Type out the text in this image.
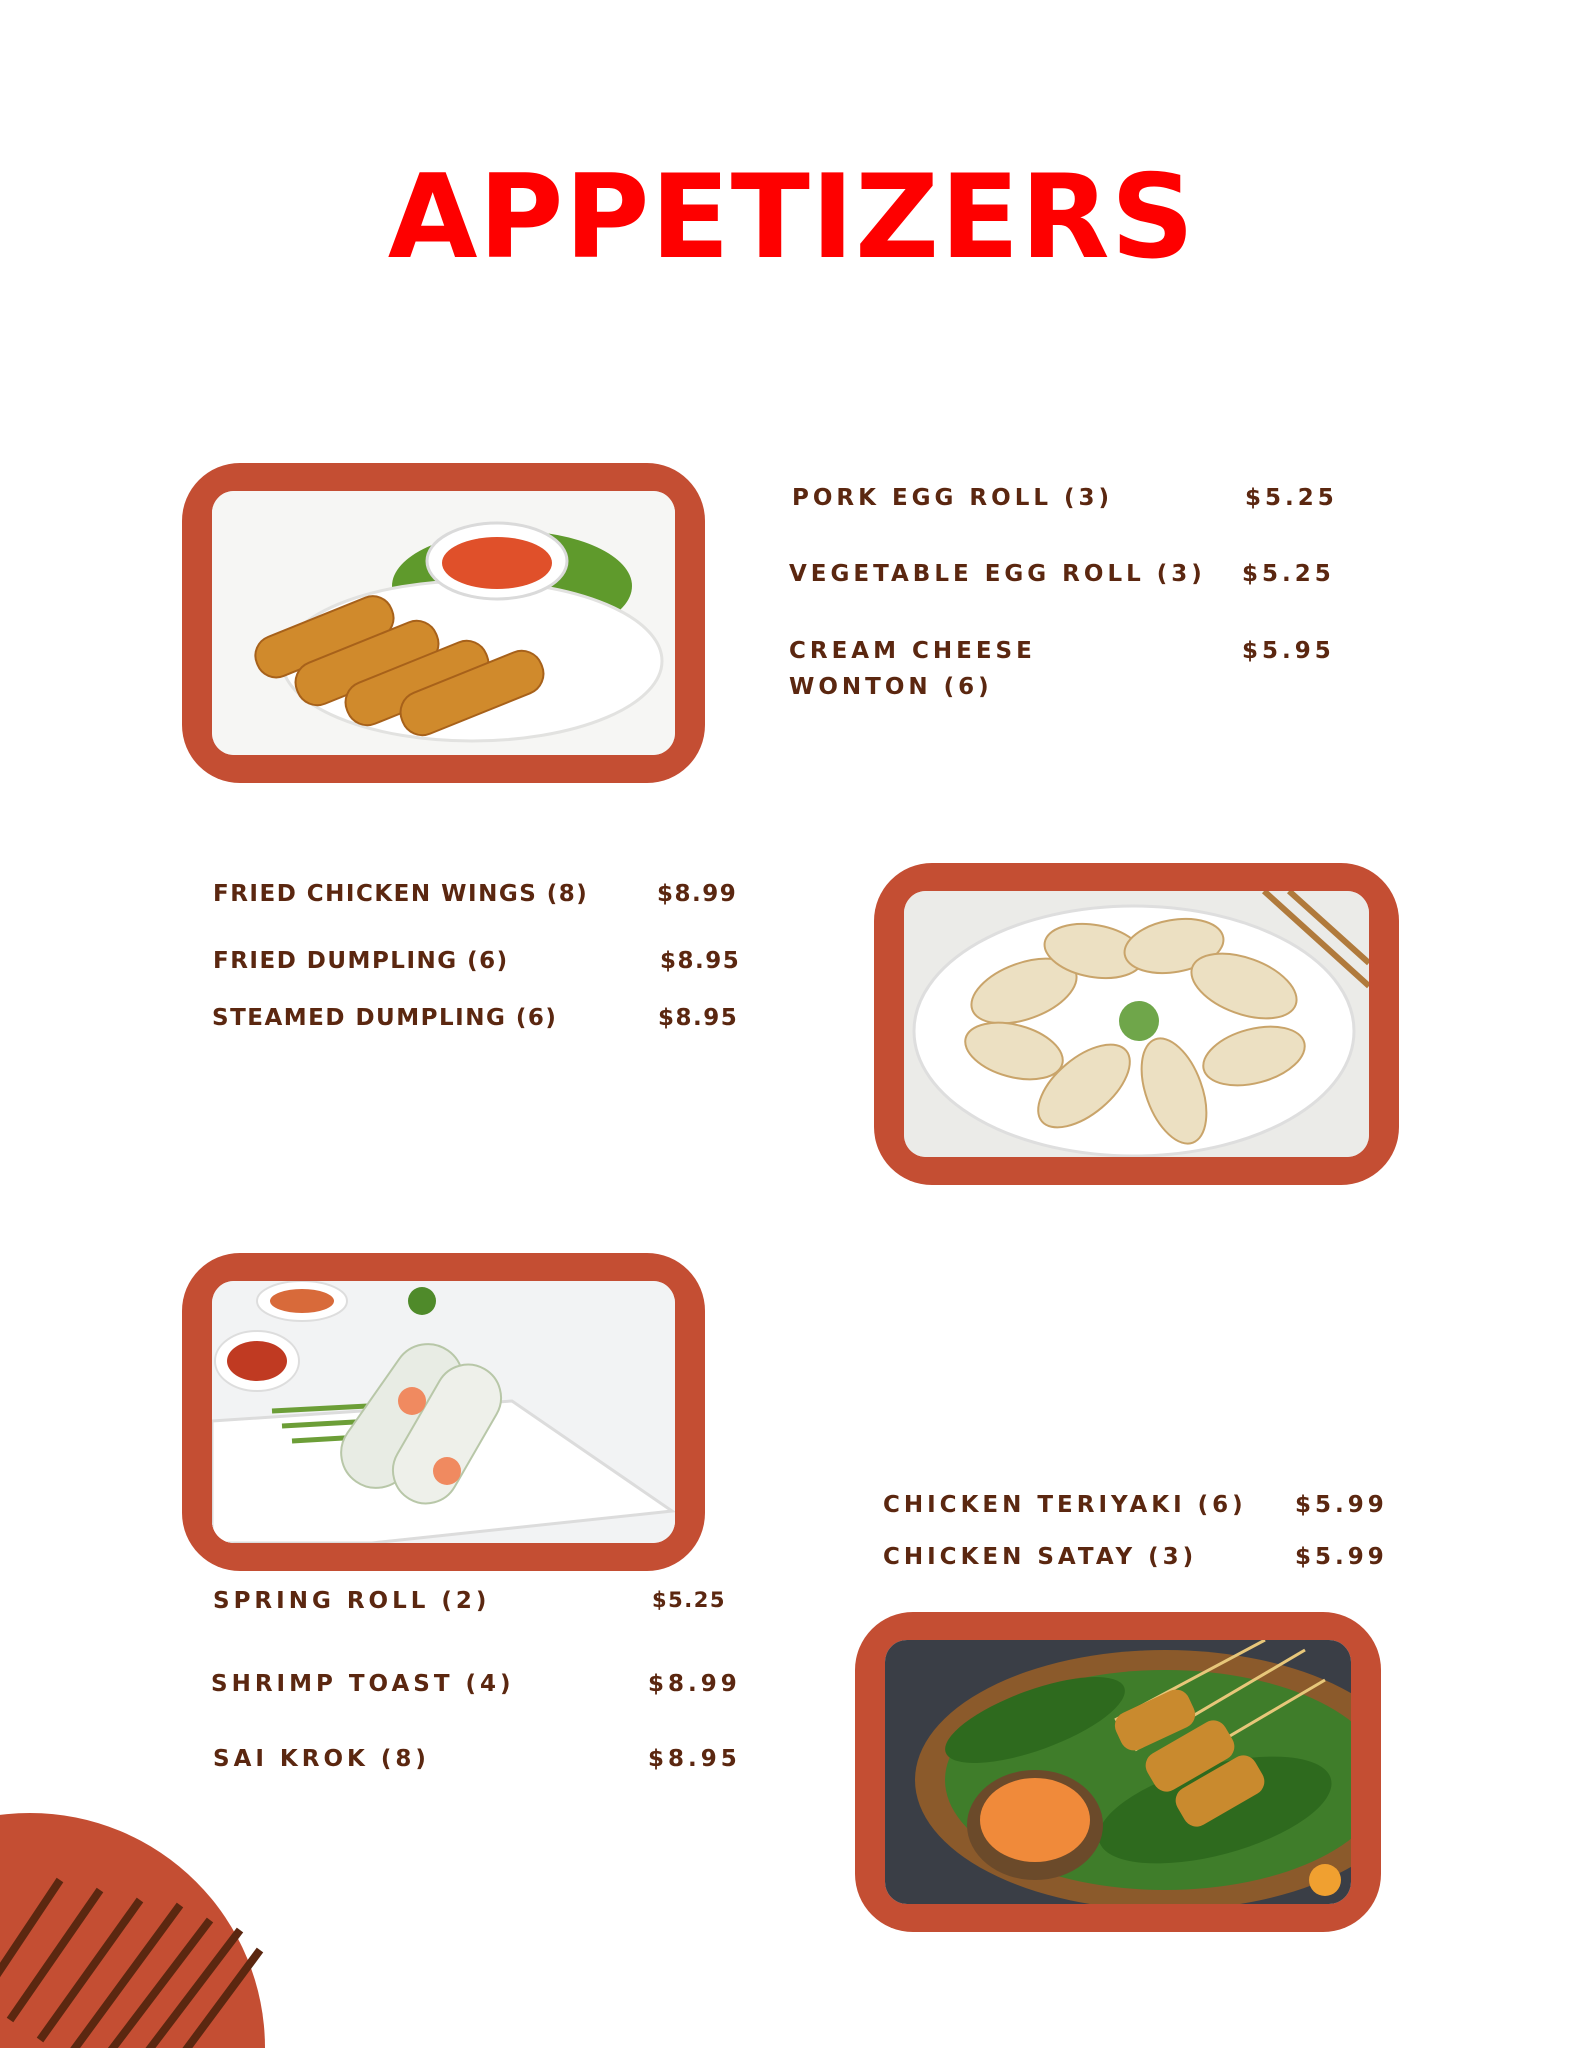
APPETIZERS
PORK EGG ROLL (3)	$5.25
VEGETABLE EGG ROLL (3) $5.25
CREAM CHEESE
WONTON (6)
$5.95
FRIED CHICKEN WINGS (8)	$8.99
FRIED DUMPLING (6)	$8.95
STEAMED DUMPLING (6)	$8.95
SPRING ROLL (2)	$5.25
SHRIMP TOAST (4)	$8.99
SAI KROK (8)	$8.95
CHICKEN TERIYAKI (6) $5.99
CHICKEN SATAY (3)	$5.99
